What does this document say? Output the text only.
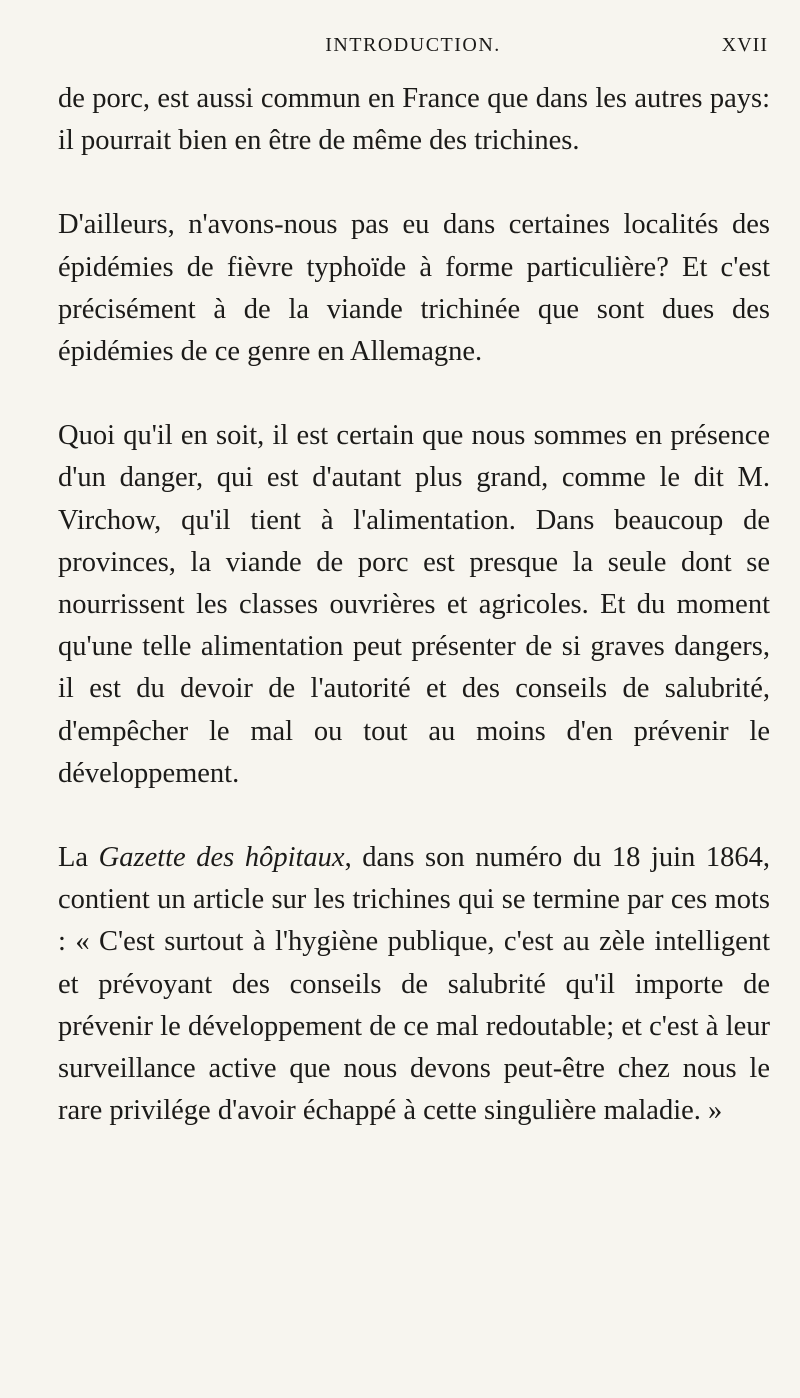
INTRODUCTION.	XVII

de porc, est aussi commun en France que dans les autres pays: il pourrait bien en être de même des trichines.

D'ailleurs, n'avons-nous pas eu dans certaines localités des épidémies de fièvre typhoïde à forme particulière? Et c'est précisément à de la viande trichinée que sont dues des épidémies de ce genre en Allemagne.

Quoi qu'il en soit, il est certain que nous sommes en présence d'un danger, qui est d'autant plus grand, comme le dit M. Virchow, qu'il tient à l'alimentation. Dans beaucoup de provinces, la viande de porc est presque la seule dont se nourrissent les classes ouvrières et agricoles. Et du moment qu'une telle alimentation peut présenter de si graves dangers, il est du devoir de l'autorité et des conseils de salubrité, d'empêcher le mal ou tout au moins d'en prévenir le développement.

La Gazette des hôpitaux, dans son numéro du 18 juin 1864, contient un article sur les trichines qui se termine par ces mots : « C'est surtout à l'hygiène publique, c'est au zèle intelligent et prévoyant des conseils de salubrité qu'il importe de prévenir le développement de ce mal redoutable; et c'est à leur surveillance active que nous devons peut-être chez nous le rare privilége d'avoir échappé à cette singulière maladie. »
